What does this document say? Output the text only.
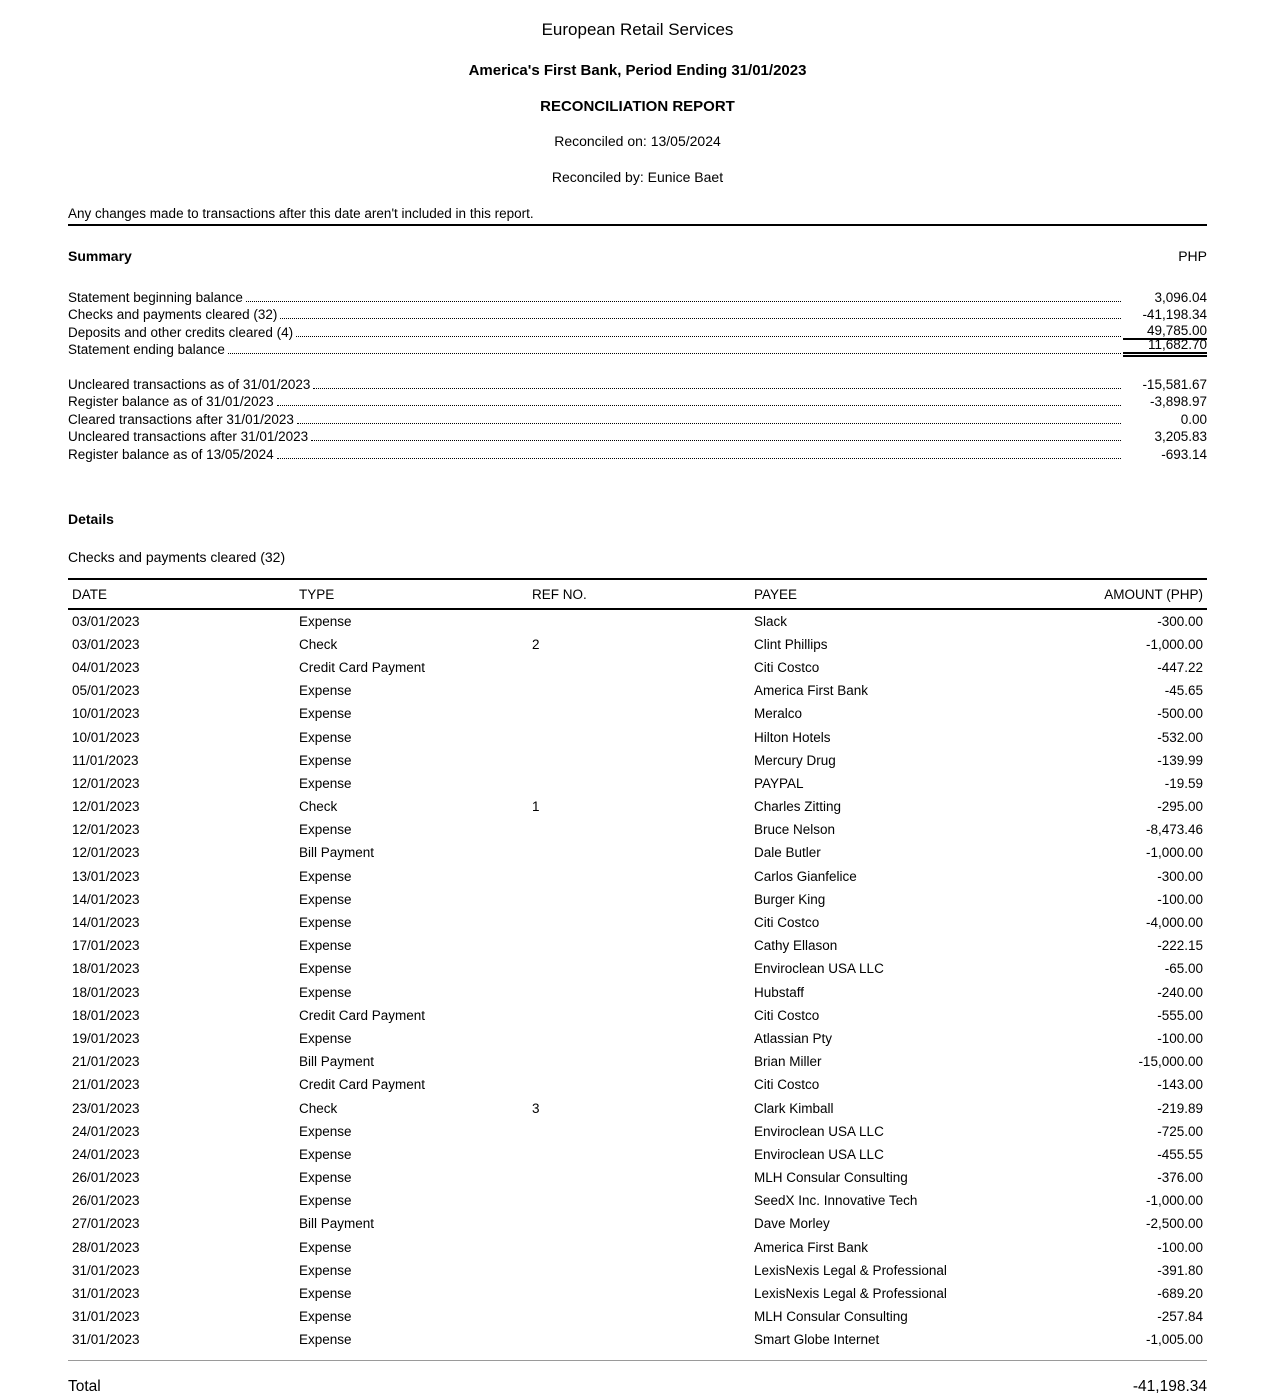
European Retail Services
America's First Bank, Period Ending 31/01/2023
RECONCILIATION REPORT
Reconciled on: 13/05/2024
Reconciled by: Eunice Baet
Any changes made to transactions after this date aren't included in this report.
Summary	PHP
Statement beginning balance	3,096.04
Checks and payments cleared (32)	-41,198.34
Deposits and other credits cleared (4)	49,785.00
Statement ending balance	11,682.70
Uncleared transactions as of 31/01/2023	-15,581.67
Register balance as of 31/01/2023	-3,898.97
Cleared transactions after 31/01/2023	0.00
Uncleared transactions after 31/01/2023	3,205.83
Register balance as of 13/05/2024	-693.14
Details
Checks and payments cleared (32)
DATE	TYPE	REF NO.	PAYEE	AMOUNT (PHP)
03/01/2023	Expense		Slack	-300.00
03/01/2023	Check	2	Clint Phillips	-1,000.00
04/01/2023	Credit Card Payment		Citi Costco	-447.22
05/01/2023	Expense		America First Bank	-45.65
10/01/2023	Expense		Meralco	-500.00
10/01/2023	Expense		Hilton Hotels	-532.00
11/01/2023	Expense		Mercury Drug	-139.99
12/01/2023	Expense		PAYPAL	-19.59
12/01/2023	Check	1	Charles Zitting	-295.00
12/01/2023	Expense		Bruce Nelson	-8,473.46
12/01/2023	Bill Payment		Dale Butler	-1,000.00
13/01/2023	Expense		Carlos Gianfelice	-300.00
14/01/2023	Expense		Burger King	-100.00
14/01/2023	Expense		Citi Costco	-4,000.00
17/01/2023	Expense		Cathy Ellason	-222.15
18/01/2023	Expense		Enviroclean USA LLC	-65.00
18/01/2023	Expense		Hubstaff	-240.00
18/01/2023	Credit Card Payment		Citi Costco	-555.00
19/01/2023	Expense		Atlassian Pty	-100.00
21/01/2023	Bill Payment		Brian Miller	-15,000.00
21/01/2023	Credit Card Payment		Citi Costco	-143.00
23/01/2023	Check	3	Clark Kimball	-219.89
24/01/2023	Expense		Enviroclean USA LLC	-725.00
24/01/2023	Expense		Enviroclean USA LLC	-455.55
26/01/2023	Expense		MLH Consular Consulting	-376.00
26/01/2023	Expense		SeedX Inc. Innovative Tech	-1,000.00
27/01/2023	Bill Payment		Dave Morley	-2,500.00
28/01/2023	Expense		America First Bank	-100.00
31/01/2023	Expense		LexisNexis Legal & Professional	-391.80
31/01/2023	Expense		LexisNexis Legal & Professional	-689.20
31/01/2023	Expense		MLH Consular Consulting	-257.84
31/01/2023	Expense		Smart Globe Internet	-1,005.00
Total	-41,198.34
